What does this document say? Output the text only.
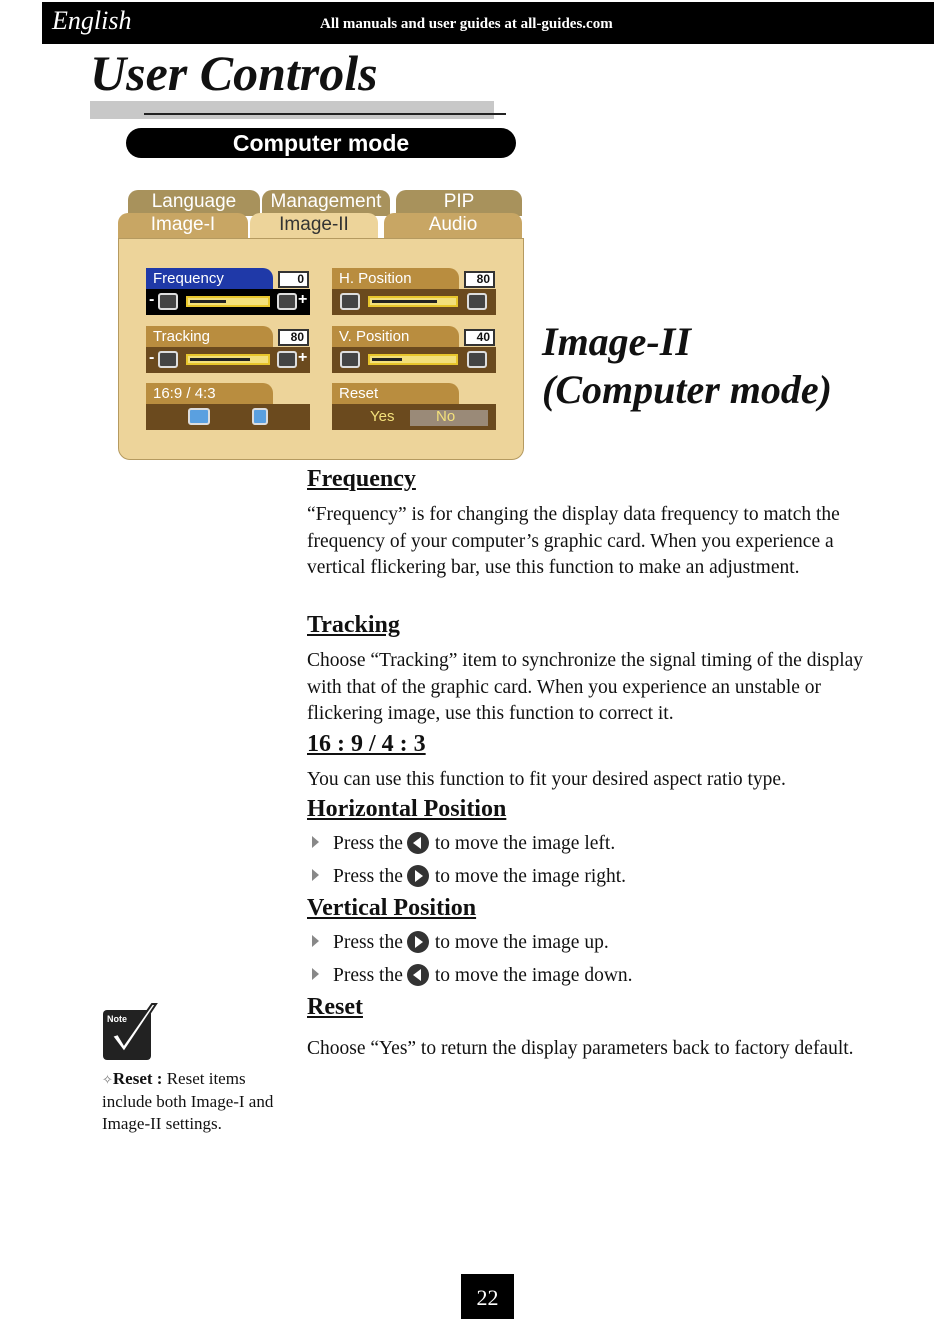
English	All manuals and user guides at all-guides.com
User Controls
Computer mode
Language	Management	PIP
Image-I	Image-II	Audio
Frequency	0
-	+
H. Position	80
Tracking	80
-	+
V. Position	40
16:9 / 4:3	Reset
Yes	No
Image-II
(Computer mode)
Frequency
“Frequency” is for changing the display data frequency to match the frequency of your computer’s graphic card. When you experience a vertical flickering bar, use this function to make an adjustment.
Tracking
Choose “Tracking” item to synchronize the signal timing of the display with that of the graphic card. When you experience an unstable or flickering image, use this function to correct it.
16 : 9 / 4 : 3
You can use this function to fit your desired aspect ratio type.
Horizontal Position
Press the to move the image left.
Press the to move the image right.
Vertical Position
Press the to move the image up.
Press the to move the image down.
Reset
Choose “Yes” to return the display parameters back to factory default.
Note
✧Reset : Reset items include both Image-I and Image-II settings.
22
